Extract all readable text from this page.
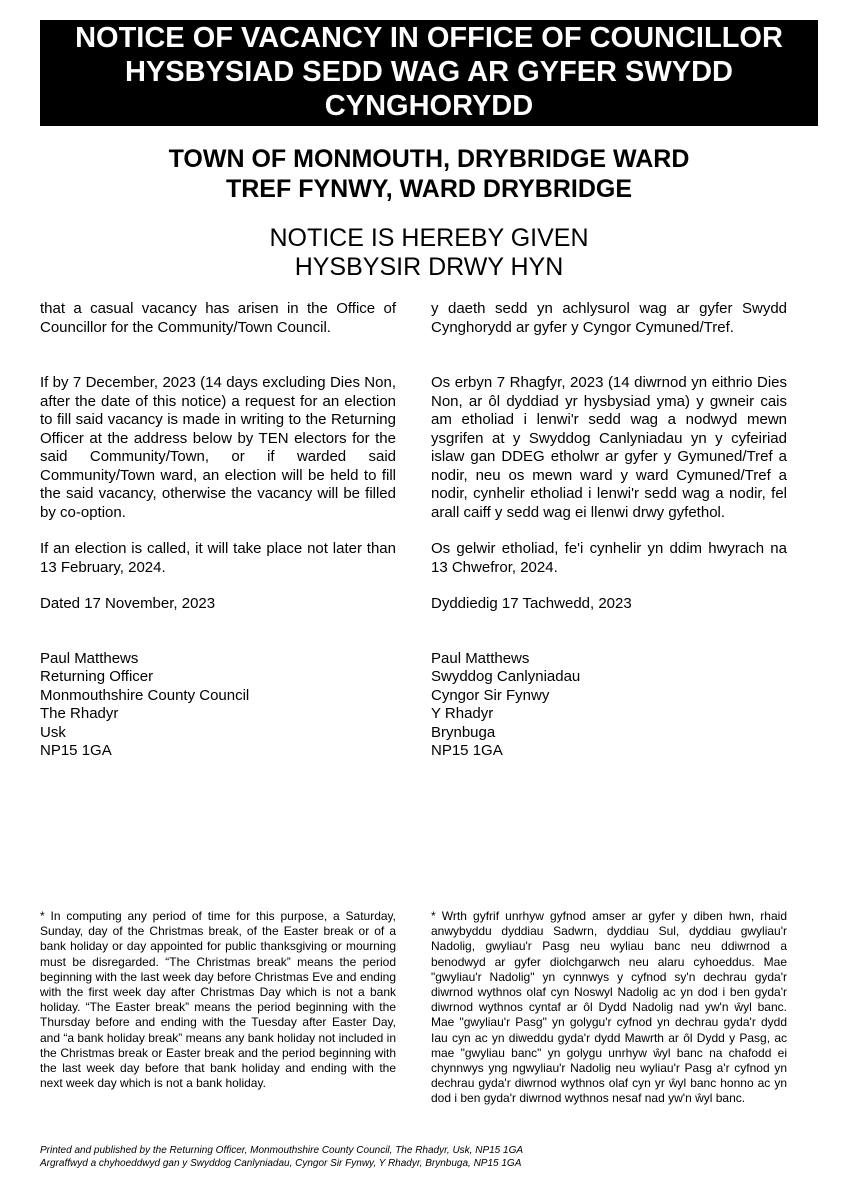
NOTICE OF VACANCY IN OFFICE OF COUNCILLOR
HYSBYSIAD SEDD WAG AR GYFER SWYDD
CYNGHORYDD
TOWN OF MONMOUTH, DRYBRIDGE WARD
TREF FYNWY, WARD DRYBRIDGE
NOTICE IS HEREBY GIVEN
HYSBYSIR DRWY HYN

that a casual vacancy has arisen in the Office of Councillor for the Community/Town Council.

If by 7 December, 2023 (14 days excluding Dies Non, after the date of this notice) a request for an election to fill said vacancy is made in writing to the Returning Officer at the address below by TEN electors for the said Community/Town, or if warded said Community/Town ward, an election will be held to fill the said vacancy, otherwise the vacancy will be filled by co-option.

If an election is called, it will take place not later than 13 February, 2024.

Dated 17 November, 2023

Paul Matthews
Returning Officer
Monmouthshire County Council
The Rhadyr
Usk
NP15 1GA

y daeth sedd yn achlysurol wag ar gyfer Swydd Cynghorydd ar gyfer y Cyngor Cymuned/Tref.

Os erbyn 7 Rhagfyr, 2023 (14 diwrnod yn eithrio Dies Non, ar ôl dyddiad yr hysbysiad yma) y gwneir cais am etholiad i lenwi'r sedd wag a nodwyd mewn ysgrifen at y Swyddog Canlyniadau yn y cyfeiriad islaw gan DDEG etholwr ar gyfer y Gymuned/Tref a nodir, neu os mewn ward y ward Cymuned/Tref a nodir, cynhelir etholiad i lenwi'r sedd wag a nodir, fel arall caiff y sedd wag ei llenwi drwy gyfethol.

Os gelwir etholiad, fe'i cynhelir yn ddim hwyrach na 13 Chwefror, 2024.

Dyddiedig 17 Tachwedd, 2023

Paul Matthews
Swyddog Canlyniadau
Cyngor Sir Fynwy
Y Rhadyr
Brynbuga
NP15 1GA

* In computing any period of time for this purpose, a Saturday, Sunday, day of the Christmas break, of the Easter break or of a bank holiday or day appointed for public thanksgiving or mourning must be disregarded. “The Christmas break” means the period beginning with the last week day before Christmas Eve and ending with the first week day after Christmas Day which is not a bank holiday. “The Easter break” means the period beginning with the Thursday before and ending with the Tuesday after Easter Day, and “a bank holiday break” means any bank holiday not included in the Christmas break or Easter break and the period beginning with the last week day before that bank holiday and ending with the next week day which is not a bank holiday.

* Wrth gyfrif unrhyw gyfnod amser ar gyfer y diben hwn, rhaid anwybyddu dyddiau Sadwrn, dyddiau Sul, dyddiau gwyliau'r Nadolig, gwyliau'r Pasg neu wyliau banc neu ddiwrnod a benodwyd ar gyfer diolchgarwch neu alaru cyhoeddus. Mae "gwyliau'r Nadolig" yn cynnwys y cyfnod sy'n dechrau gyda'r diwrnod wythnos olaf cyn Noswyl Nadolig ac yn dod i ben gyda'r diwrnod wythnos cyntaf ar ôl Dydd Nadolig nad yw'n ŵyl banc. Mae "gwyliau'r Pasg" yn golygu'r cyfnod yn dechrau gyda'r dydd Iau cyn ac yn diweddu gyda'r dydd Mawrth ar ôl Dydd y Pasg, ac mae "gwyliau banc" yn golygu unrhyw ŵyl banc na chafodd ei chynnwys yng ngwyliau'r Nadolig neu wyliau'r Pasg a'r cyfnod yn dechrau gyda'r diwrnod wythnos olaf cyn yr ŵyl banc honno ac yn dod i ben gyda'r diwrnod wythnos nesaf nad yw'n ŵyl banc.

Printed and published by the Returning Officer, Monmouthshire County Council, The Rhadyr, Usk, NP15 1GA
Argraffwyd a chyhoeddwyd gan y Swyddog Canlyniadau, Cyngor Sir Fynwy, Y Rhadyr, Brynbuga, NP15 1GA
